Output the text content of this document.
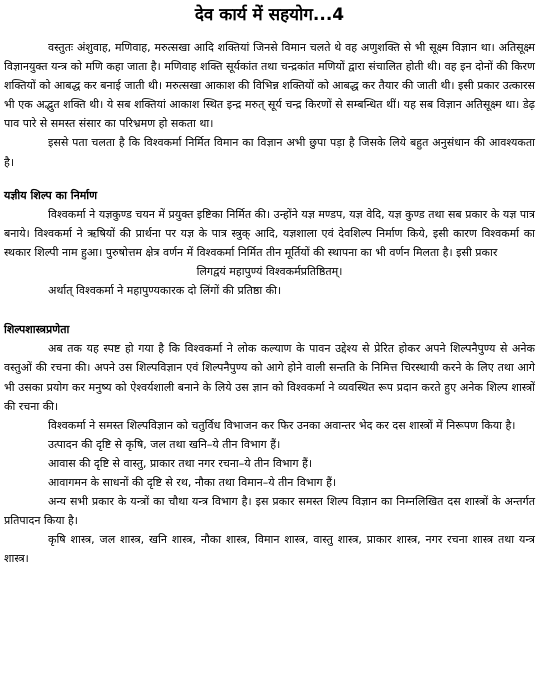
देव कार्य में सहयोग...4

वस्तुतः अंशुवाह, मणिवाह, मरुत्सखा आदि शक्तियां जिनसे विमान चलते थे वह अणुशक्ति से भी सूक्ष्म विज्ञान था। अतिसूक्ष्म विज्ञानयुक्त यन्त्र को मणि कहा जाता है। मणिवाह शक्ति सूर्यकांत तथा चन्द्रकांत मणियों द्वारा संचालित होती थी। वह इन दोनों की किरण शक्तियों को आबद्ध कर बनाई जाती थी। मरुत्सखा आकाश की विभिन्न शक्तियों को आबद्ध कर तैयार की जाती थी। इसी प्रकार उत्कारस भी एक अद्भुत शक्ति थी। ये सब शक्तियां आकाश स्थित इन्द्र मरुत् सूर्य चन्द्र किरणों से सम्बन्धित थीं। यह सब विज्ञान अतिसूक्ष्म था। डेढ़ पाव पारे से समस्त संसार का परिभ्रमण हो सकता था।

इससे पता चलता है कि विश्वकर्मा निर्मित विमान का विज्ञान अभी छुपा पड़ा है जिसके लिये बहुत अनुसंधान की आवश्यकता है।

यज्ञीय शिल्प का निर्माण

विश्वकर्मा ने यज्ञकुण्ड चयन में प्रयुक्त इष्टिका निर्मित की। उन्होंने यज्ञ मण्डप, यज्ञ वेदि, यज्ञ कुण्ड तथा सब प्रकार के यज्ञ पात्र बनाये। विश्वकर्मा ने ऋषियों की प्रार्थना पर यज्ञ के पात्र स्त्रुक् आदि, यज्ञशाला एवं देवशिल्प निर्माण किये, इसी कारण विश्वकर्मा का स्थकार शिल्पी नाम हुआ। पुरुषोत्तम क्षेत्र वर्णन में विश्वकर्मा निर्मित तीन मूर्तियों की स्थापना का भी वर्णन मिलता है। इसी प्रकार

लिगद्वयं महापुण्यं विश्वकर्मप्रतिष्ठितम्।

अर्थात् विश्वकर्मा ने महापुण्यकारक दो लिंगों की प्रतिष्ठा की।

शिल्पशास्त्रप्रणेता

अब तक यह स्पष्ट हो गया है कि विश्वकर्मा ने लोक कल्याण के पावन उद्देश्य से प्रेरित होकर अपने शिल्पनैपुण्य से अनेक वस्तुओं की रचना की। अपने उस शिल्पविज्ञान एवं शिल्पनैपुण्य को आगे होने वाली सन्तति के निमित्त चिरस्थायी करने के लिए तथा आगे भी उसका प्रयोग कर मनुष्य को ऐश्वर्यशाली बनाने के लिये उस ज्ञान को विश्वकर्मा ने व्यवस्थित रूप प्रदान करते हुए अनेक शिल्प शास्त्रों की रचना की।

विश्वकर्मा ने समस्त शिल्पविज्ञान को चतुर्विध विभाजन कर फिर उनका अवान्तर भेद कर दस शास्त्रों में निरूपण किया है।

उत्पादन की दृष्टि से कृषि, जल तथा खनि–ये तीन विभाग हैं।

आवास की दृष्टि से वास्तु, प्राकार तथा नगर रचना–ये तीन विभाग हैं।

आवागमन के साधनों की दृष्टि से रथ, नौका तथा विमान–ये तीन विभाग हैं।

अन्य सभी प्रकार के यन्त्रों का चौथा यन्त्र विभाग है। इस प्रकार समस्त शिल्प विज्ञान का निम्नलिखित दस शास्त्रों के अन्तर्गत प्रतिपादन किया है।

कृषि शास्त्र, जल शास्त्र, खनि शास्त्र, नौका शास्त्र, विमान शास्त्र, वास्तु शास्त्र, प्राकार शास्त्र, नगर रचना शास्त्र तथा यन्त्र शास्त्र।
